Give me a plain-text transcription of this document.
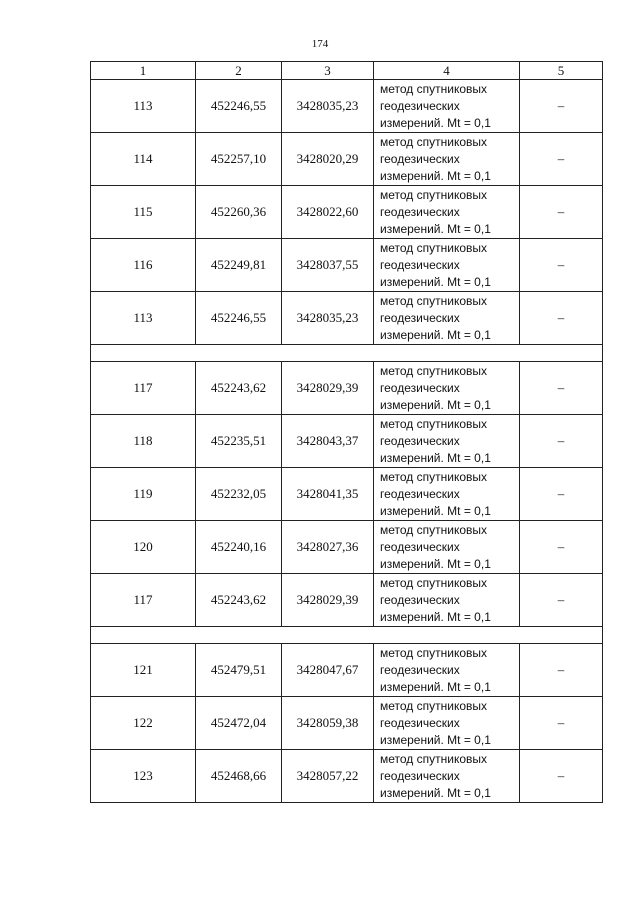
174
1	2	3	4	5
113	452246,55	3428035,23	метод спутниковых
геодезических
измерений. Mt = 0,1	–
114	452257,10	3428020,29	метод спутниковых
геодезических
измерений. Mt = 0,1	–
115	452260,36	3428022,60	метод спутниковых
геодезических
измерений. Mt = 0,1	–
116	452249,81	3428037,55	метод спутниковых
геодезических
измерений. Mt = 0,1	–
113	452246,55	3428035,23	метод спутниковых
геодезических
измерений. Mt = 0,1	–

117	452243,62	3428029,39	метод спутниковых
геодезических
измерений. Mt = 0,1	–
118	452235,51	3428043,37	метод спутниковых
геодезических
измерений. Mt = 0,1	–
119	452232,05	3428041,35	метод спутниковых
геодезических
измерений. Mt = 0,1	–
120	452240,16	3428027,36	метод спутниковых
геодезических
измерений. Mt = 0,1	–
117	452243,62	3428029,39	метод спутниковых
геодезических
измерений. Mt = 0,1	–

121	452479,51	3428047,67	метод спутниковых
геодезических
измерений. Mt = 0,1	–
122	452472,04	3428059,38	метод спутниковых
геодезических
измерений. Mt = 0,1	–
123	452468,66	3428057,22	метод спутниковых
геодезических
измерений. Mt = 0,1	–
